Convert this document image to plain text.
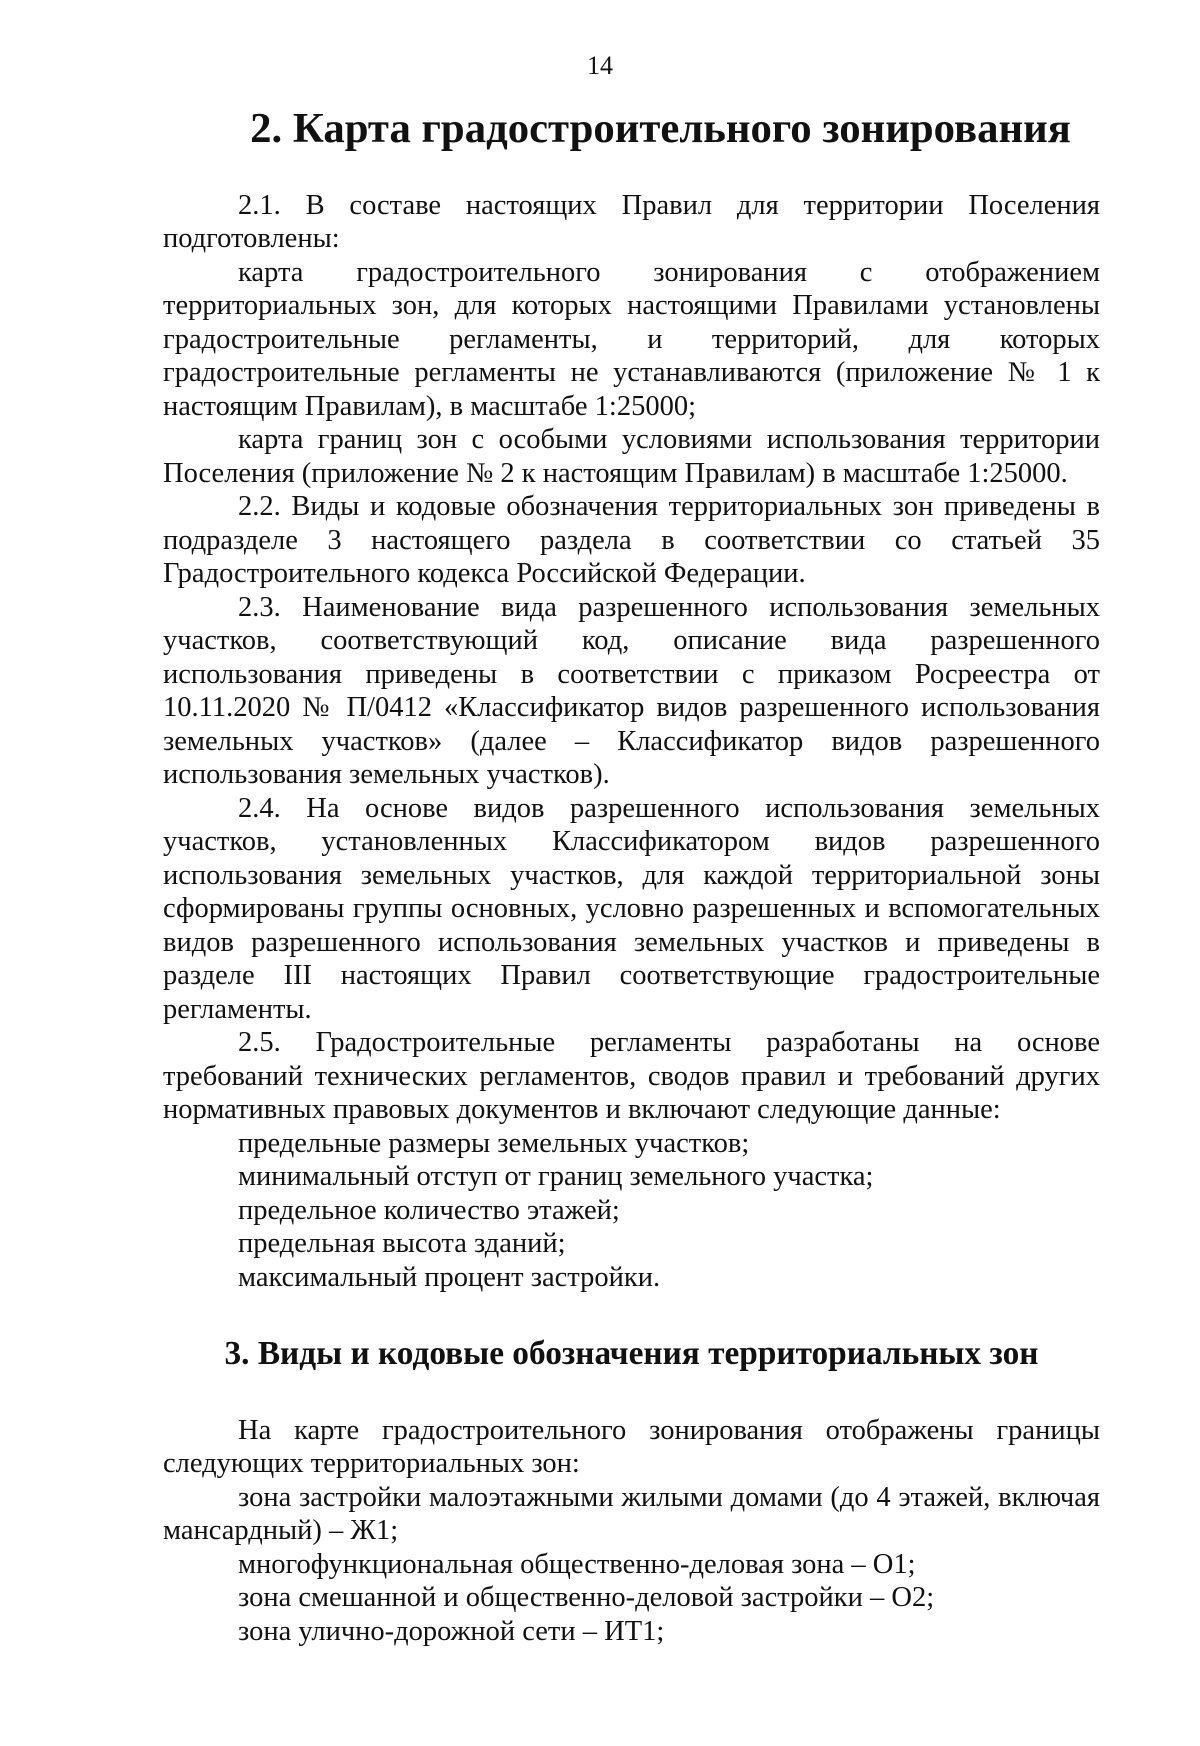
14
2. Карта градостроительного зонирования

2.1. В составе настоящих Правил для территории Поселения подготовлены:

карта градостроительного зонирования с отображением территориальных зон, для которых настоящими Правилами установлены градостроительные регламенты, и территорий, для которых градостроительные регламенты не устанавливаются (приложение № 1 к настоящим Правилам), в масштабе 1:25000;

карта границ зон с особыми условиями использования территории Поселения (приложение № 2 к настоящим Правилам) в масштабе 1:25000.

2.2. Виды и кодовые обозначения территориальных зон приведены в подразделе 3 настоящего раздела в соответствии со статьей 35 Градостроительного кодекса Российской Федерации.

2.3. Наименование вида разрешенного использования земельных участков, соответствующий код, описание вида разрешенного использования приведены в соответствии с приказом Росреестра от 10.11.2020 № П/0412 «Классификатор видов разрешенного использования земельных участков» (далее – Классификатор видов разрешенного использования земельных участков).

2.4. На основе видов разрешенного использования земельных участков, установленных Классификатором видов разрешенного использования земельных участков, для каждой территориальной зоны сформированы группы основных, условно разрешенных и вспомогательных видов разрешенного использования земельных участков и приведены в разделе III настоящих Правил соответствующие градостроительные регламенты.

2.5. Градостроительные регламенты разработаны на основе требований технических регламентов, сводов правил и требований других нормативных правовых документов и включают следующие данные:

предельные размеры земельных участков;

минимальный отступ от границ земельного участка;

предельное количество этажей;

предельная высота зданий;

максимальный процент застройки.

3. Виды и кодовые обозначения территориальных зон

На карте градостроительного зонирования отображены границы следующих территориальных зон:

зона застройки малоэтажными жилыми домами (до 4 этажей, включая мансардный) – Ж1;

многофункциональная общественно-деловая зона – О1;

зона смешанной и общественно-деловой застройки – О2;

зона улично-дорожной сети – ИТ1;
